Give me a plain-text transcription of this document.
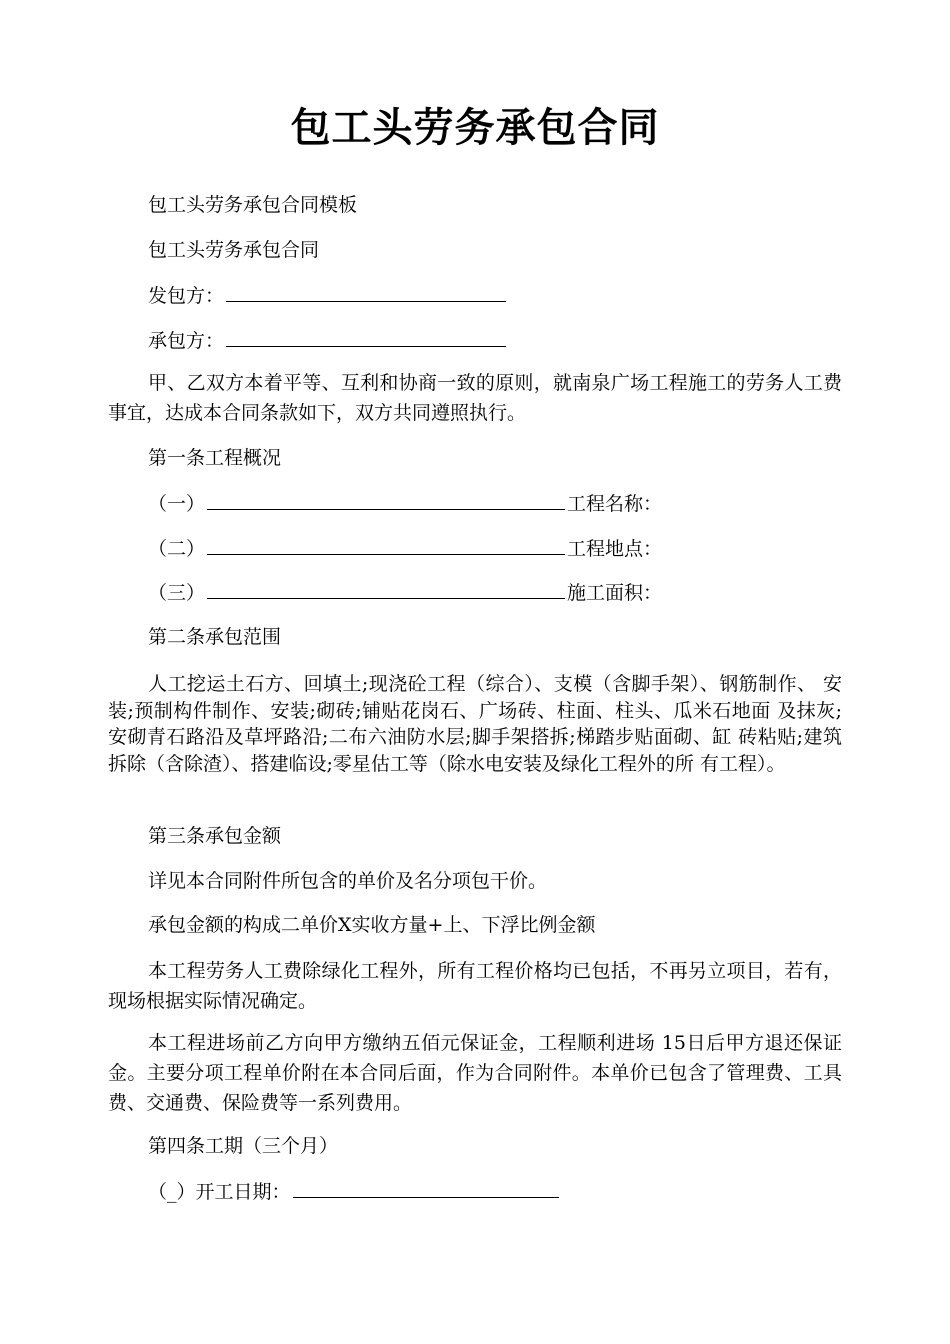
包工头劳务承包合同
包工头劳务承包合同模板
包工头劳务承包合同
发包方：
承包方：

甲、乙双方本着平等、互利和协商一致的原则，就南泉广场工程施工的劳务人工费事宜，达成本合同条款如下，双方共同遵照执行。

第一条工程概况
（一）	工程名称：
（二）	工程地点：
（三）	施工面积：
第二条承包范围

人工挖运土石方、回填土;现浇砼工程（综合）、支模（含脚手架）、钢筋制作、 安装;预制构件制作、安装;砌砖;铺贴花岗石、广场砖、柱面、柱头、瓜米石地面 及抹灰;安砌青石路沿及草坪路沿;二布六油防水层;脚手架搭拆;梯踏步贴面砌、缸 砖粘贴;建筑拆除（含除渣）、搭建临设;零星估工等（除水电安装及绿化工程外的所 有工程）。

第三条承包金额
详见本合同附件所包含的单价及名分项包干价。
承包金额的构成二单价X实收方量+上、下浮比例金额

本工程劳务人工费除绿化工程外，所有工程价格均已包括，不再另立项目，若有，现场根据实际情况确定。

本工程进场前乙方向甲方缴纳五佰元保证金，工程顺利进场 15日后甲方退还保证金。主要分项工程单价附在本合同后面，作为合同附件。本单价已包含了管理费、工具费、交通费、保险费等一系列费用。

第四条工期（三个月）
（_）开工日期：
